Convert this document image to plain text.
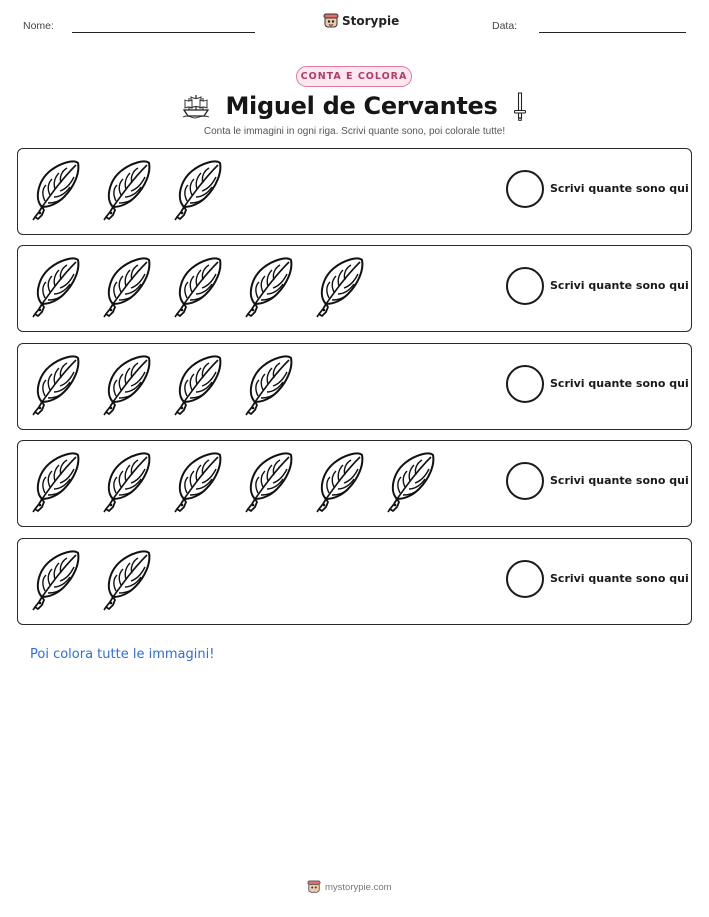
Nome:	Storypie	Data:
CONTA E COLORA
Miguel de Cervantes
Conta le immagini in ogni riga. Scrivi quante sono, poi colorale tutte!
Scrivi quante sono qui
Scrivi quante sono qui
Scrivi quante sono qui
Scrivi quante sono qui
Scrivi quante sono qui
Poi colora tutte le immagini!
mystorypie.com
